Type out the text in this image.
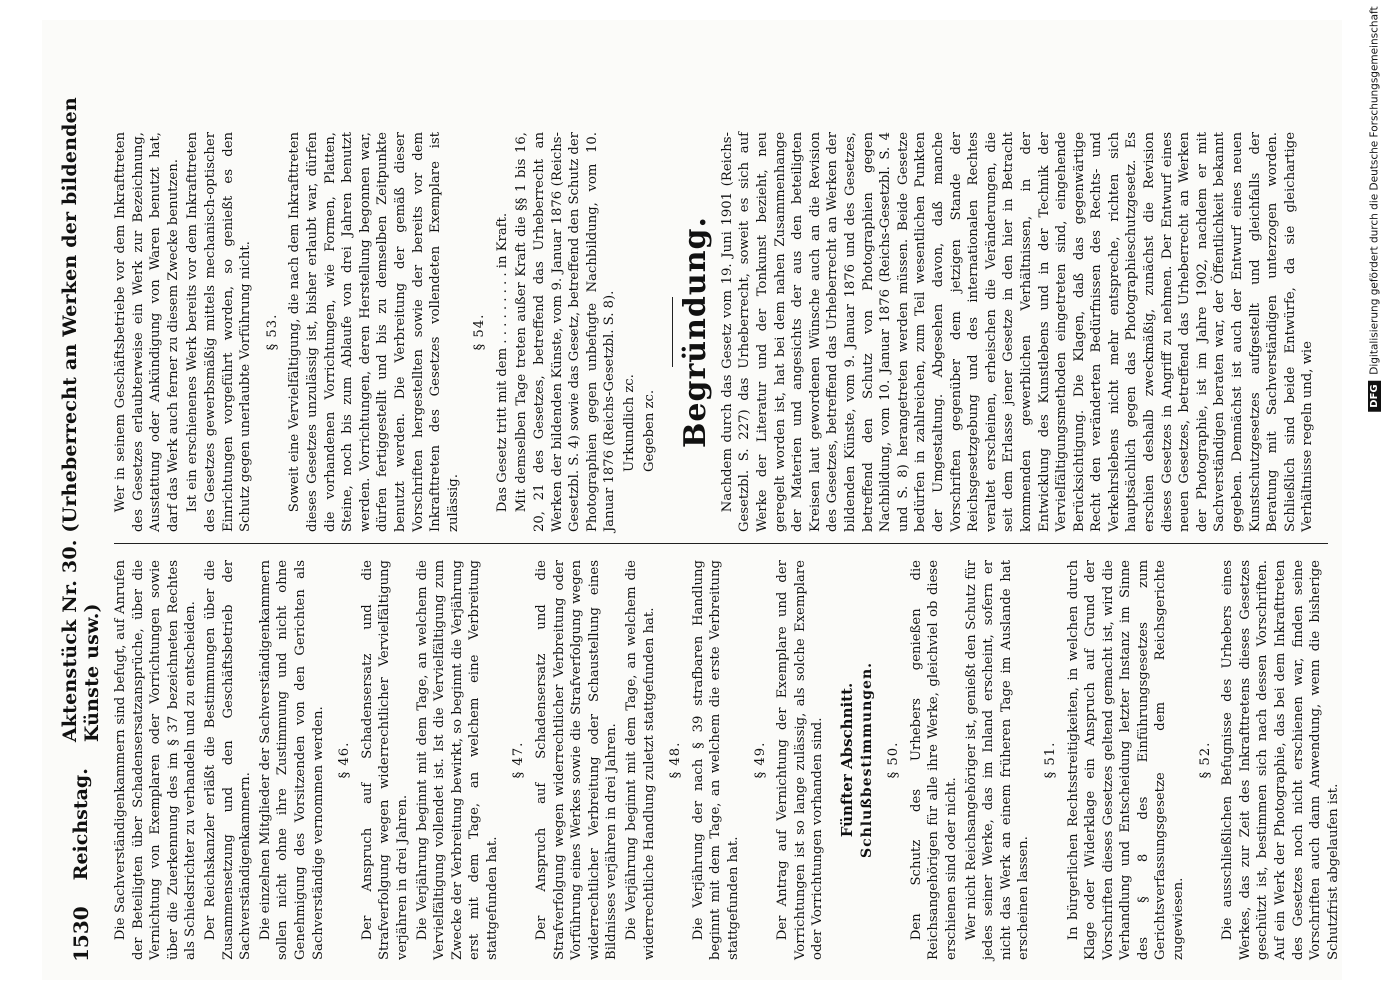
1530
Reichstag.
Aktenstück Nr. 30. (Urheberrecht an Werken der bildenden Künste usw.) Die Sachverständigenkammern sind befugt, auf Anrufen der Beteiligten über Schadensersatzansprüche, über die Vernichtung von Exemplaren oder Vorrichtungen sowie über die Zuerkennung des im § 37 bezeichneten Rechtes als Schiedsrichter zu verhandeln und zu entscheiden. Der Reichskanzler erläßt die Bestimmungen über die Zusammensetzung und den Geschäftsbetrieb der Sachverständigenkammern. Die einzelnen Mitglieder der Sachverständigenkammern sollen nicht ohne ihre Zustimmung und nicht ohne Genehmigung des Vorsitzenden von den Gerichten als Sachverständige vernommen werden. § 46. Der Anspruch auf Schadensersatz und die Strafverfolgung wegen widerrechtlicher Vervielfältigung verjähren in drei Jahren. Die Verjährung beginnt mit dem Tage, an welchem die Vervielfältigung vollendet ist. Ist die Vervielfältigung zum Zwecke der Verbreitung bewirkt, so beginnt die Verjährung erst mit dem Tage, an welchem eine Verbreitung stattgefunden hat.

§ 47. Der Anspruch auf Schadensersatz und die Strafverfolgung wegen widerrechtlicher Verbreitung oder Vorführung eines Werkes sowie die Strafverfolgung wegen widerrechtlicher Verbreitung oder Schaustellung eines Bildnisses verjähren in drei Jahren. Die Verjährung beginnt mit dem Tage, an welchem die widerrechtliche Handlung zuletzt stattgefunden hat. § 48. Die Verjährung der nach § 39 strafbaren Handlung beginnt mit dem Tage, an welchem die erste Verbreitung stattgefunden hat.

§ 49. Der Antrag auf Vernichtung der Exemplare und der Vorrichtungen ist so lange zulässig, als solche Exemplare oder Vorrichtungen vorhanden sind. Fünfter Abschnitt. Schlußbestimmungen. § 50. Den Schutz des Urhebers genießen die Reichsangehörigen für alle ihre Werke, gleichviel ob diese erschienen sind oder nicht. Wer nicht Reichsangehöriger ist, genießt den Schutz für jedes seiner Werke, das im Inland erscheint, sofern er nicht das Werk an einem früheren Tage im Auslande hat erscheinen lassen.

§ 51. In bürgerlichen Rechtsstreitigkeiten, in welchen durch Klage oder Widerklage ein Anspruch auf Grund der Vorschriften dieses Gesetzes geltend gemacht ist, wird die Verhandlung und Entscheidung letzter Instanz im Sinne des § 8 des Einführungsgesetzes zum Gerichtsverfassungsgesetze dem Reichsgerichte zugewiesen.

§ 52. Die ausschließlichen Befugnisse des Urhebers eines Werkes, das zur Zeit des Inkrafttretens dieses Gesetzes geschützt ist, bestimmen sich nach dessen Vorschriften. Auf ein Werk der Photographie, das bei dem Inkrafttreten des Gesetzes noch nicht erschienen war, finden seine Vorschriften auch dann Anwendung, wenn die bisherige Schutzfrist abgelaufen ist.

Wer in seinem Geschäftsbetriebe vor dem Inkrafttreten des Gesetzes erlaubterweise ein Werk zur Bezeichnung, Ausstattung oder Ankündigung von Waren benutzt hat, darf das Werk auch ferner zu diesem Zwecke benutzen. Ist ein erschienenes Werk bereits vor dem Inkrafttreten des Gesetzes gewerbsmäßig mittels mechanisch-optischer Einrichtungen vorgeführt worden, so genießt es den Schutz gegen unerlaubte Vorführung nicht. § 53. Soweit eine Vervielfältigung, die nach dem Inkrafttreten dieses Gesetzes unzulässig ist, bisher erlaubt war, dürfen die vorhandenen Vorrichtungen, wie Formen, Platten, Steine, noch bis zum Ablaufe von drei Jahren benutzt werden. Vorrichtungen, deren Herstellung begonnen war, dürfen fertiggestellt und bis zu demselben Zeitpunkte benutzt werden. Die Verbreitung der gemäß dieser Vorschriften hergestellten sowie der bereits vor dem Inkrafttreten des Gesetzes vollendeten Exemplare ist zulässig.

§ 54. Das Gesetz tritt mit dem . . . . . . . . . in Kraft. Mit demselben Tage treten außer Kraft die §§ 1 bis 16, 20, 21 des Gesetzes, betreffend das Urheberrecht an Werken der bildenden Künste, vom 9. Januar 1876 (Reichs-Gesetzbl. S. 4) sowie das Gesetz, betreffend den Schutz der Photographien gegen unbefugte Nachbildung, vom 10. Januar 1876 (Reichs-Gesetzbl. S. 8). Urkundlich zc. Gegeben zc. Begründung. Nachdem durch das Gesetz vom 19. Juni 1901 (Reichs-Gesetzbl. S. 227) das Urheberrecht, soweit es sich auf Werke der Literatur und der Tonkunst bezieht, neu geregelt worden ist, hat bei dem nahen Zusammenhange der Materien und angesichts der aus den beteiligten Kreisen laut gewordenen Wünsche auch an die Revision des Gesetzes, betreffend das Urheberrecht an Werken der bildenden Künste, vom 9. Januar 1876 und des Gesetzes, betreffend den Schutz von Photographien gegen Nachbildung, vom 10. Januar 1876 (Reichs-Gesetzbl. S. 4 und S. 8) herangetreten werden müssen. Beide Gesetze bedürfen in zahlreichen, zum Teil wesentlichen Punkten der Umgestaltung. Abgesehen davon, daß manche Vorschriften gegenüber dem jetzigen Stande der Reichsgesetzgebung und des internationalen Rechtes veraltet erscheinen, erheischen die Veränderungen, die seit dem Erlasse jener Gesetze in den hier in Betracht kommenden gewerblichen Verhältnissen, in der Entwicklung des Kunstlebens und in der Technik der Vervielfältigungsmethoden eingetreten sind, eingehende Berücksichtigung. Die Klagen, daß das gegenwärtige Recht den veränderten Bedürfnissen des Rechts- und Verkehrslebens nicht mehr entspreche, richten sich hauptsächlich gegen das Photographieschutzgesetz. Es erschien deshalb zweckmäßig, zunächst die Revision dieses Gesetzes in Angriff zu nehmen. Der Entwurf eines neuen Gesetzes, betreffend das Urheberrecht an Werken der Photographie, ist im Jahre 1902, nachdem er mit Sachverständigen beraten war, der Öffentlichkeit bekannt gegeben. Demnächst ist auch der Entwurf eines neuen Kunstschutzgesetzes aufgestellt und gleichfalls der Beratung mit Sachverständigen unterzogen worden. Schließlich sind beide Entwürfe, da sie gleichartige Verhältnisse regeln und, wie	DFG
Digitalisierung gefördert durch die Deutsche Forschungsgemeinschaft
